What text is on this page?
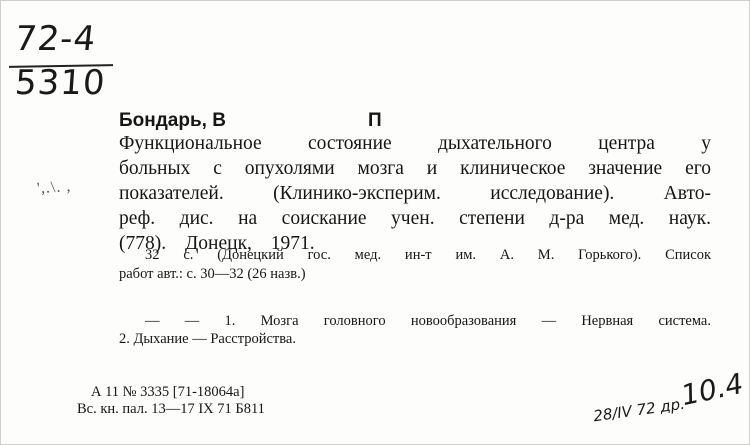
72-4
5310
',.\. ,
Бондарь, В	П
Функциональное состояние дыхательного центра у
больных с опухолями мозга и клиническое значение его
показателей. (Клинико-эксперим. исследование). Авто-
реф. дис. на соискание учен. степени д-ра мед. наук.
(778). Донецк, 1971.
32 с. (Донецкий гос. мед. ин-т им. А. М. Горького). Список
работ авт.: с. 30—32 (26 назв.)
— — 1. Мозга головного новообразования — Нервная система.
2. Дыхание — Расстройства.
А 11 № 3335 [71-18064а]
Вс. кн. пал. 13—17 IX 71 Б811	10.4
28/IV 72 др.
